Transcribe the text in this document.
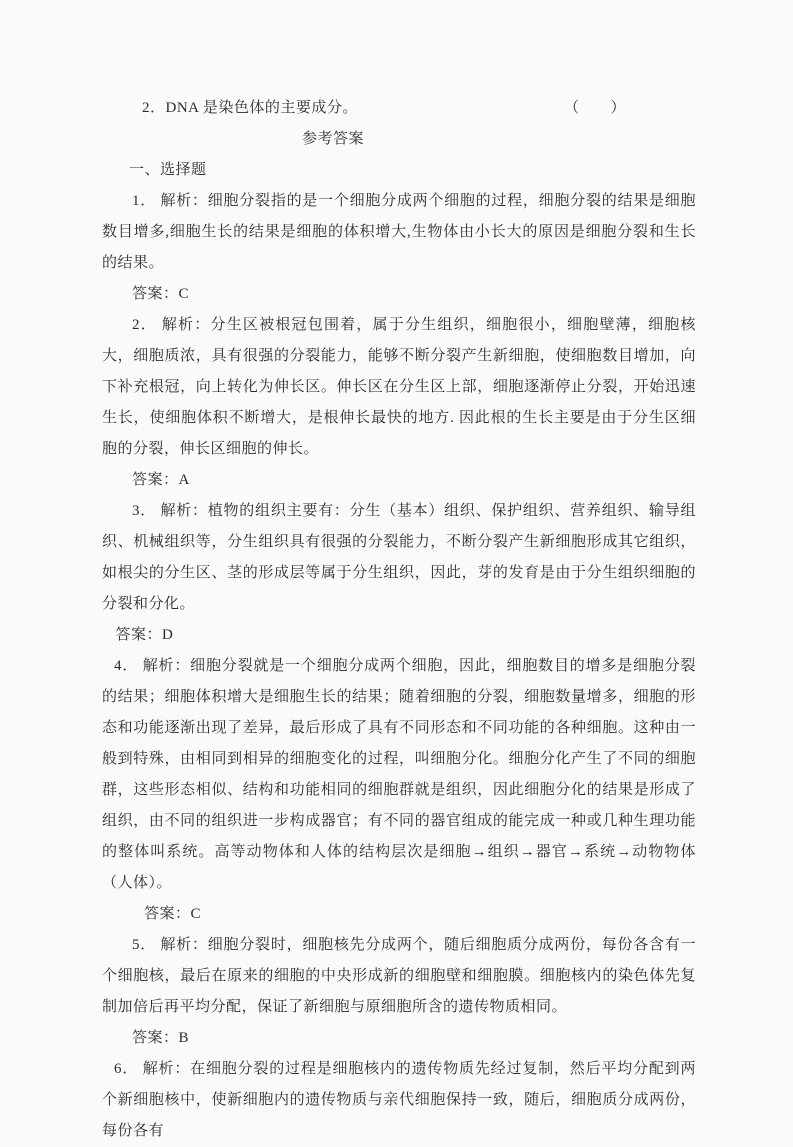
2．DNA 是染色体的主要成分。	（　　）
参考答案
一、选择题

1． 解析：细胞分裂指的是一个细胞分成两个细胞的过程，细胞分裂的结果是细胞数目增多,细胞生长的结果是细胞的体积增大,生物体由小长大的原因是细胞分裂和生长的结果。

答案：C

2． 解析：分生区被根冠包围着，属于分生组织，细胞很小，细胞壁薄，细胞核大，细胞质浓，具有很强的分裂能力，能够不断分裂产生新细胞，使细胞数目增加，向下补充根冠，向上转化为伸长区。伸长区在分生区上部，细胞逐渐停止分裂，开始迅速生长，使细胞体积不断增大，是根伸长最快的地方. 因此根的生长主要是由于分生区细胞的分裂，伸长区细胞的伸长。

答案：A

3． 解析：植物的组织主要有：分生（基本）组织、保护组织、营养组织、输导组织、机械组织等，分生组织具有很强的分裂能力，不断分裂产生新细胞形成其它组织，如根尖的分生区、茎的形成层等属于分生组织，因此，芽的发育是由于分生组织细胞的分裂和分化。

答案：D

4． 解析：细胞分裂就是一个细胞分成两个细胞，因此，细胞数目的增多是细胞分裂的结果；细胞体积增大是细胞生长的结果；随着细胞的分裂，细胞数量增多，细胞的形态和功能逐渐出现了差异，最后形成了具有不同形态和不同功能的各种细胞。这种由一般到特殊，由相同到相异的细胞变化的过程，叫细胞分化。细胞分化产生了不同的细胞群，这些形态相似、结构和功能相同的细胞群就是组织，因此细胞分化的结果是形成了组织，由不同的组织进一步构成器官；有不同的器官组成的能完成一种或几种生理功能的整体叫系统。高等动物体和人体的结构层次是细胞→组织→器官→系统→动物物体（人体）。

答案：C

5． 解析：细胞分裂时，细胞核先分成两个，随后细胞质分成两份，每份各含有一个细胞核，最后在原来的细胞的中央形成新的细胞壁和细胞膜。细胞核内的染色体先复制加倍后再平均分配，保证了新细胞与原细胞所含的遗传物质相同。

答案：B

6． 解析：在细胞分裂的过程是细胞核内的遗传物质先经过复制，然后平均分配到两个新细胞核中，使新细胞内的遗传物质与亲代细胞保持一致，随后，细胞质分成两份，每份各有
